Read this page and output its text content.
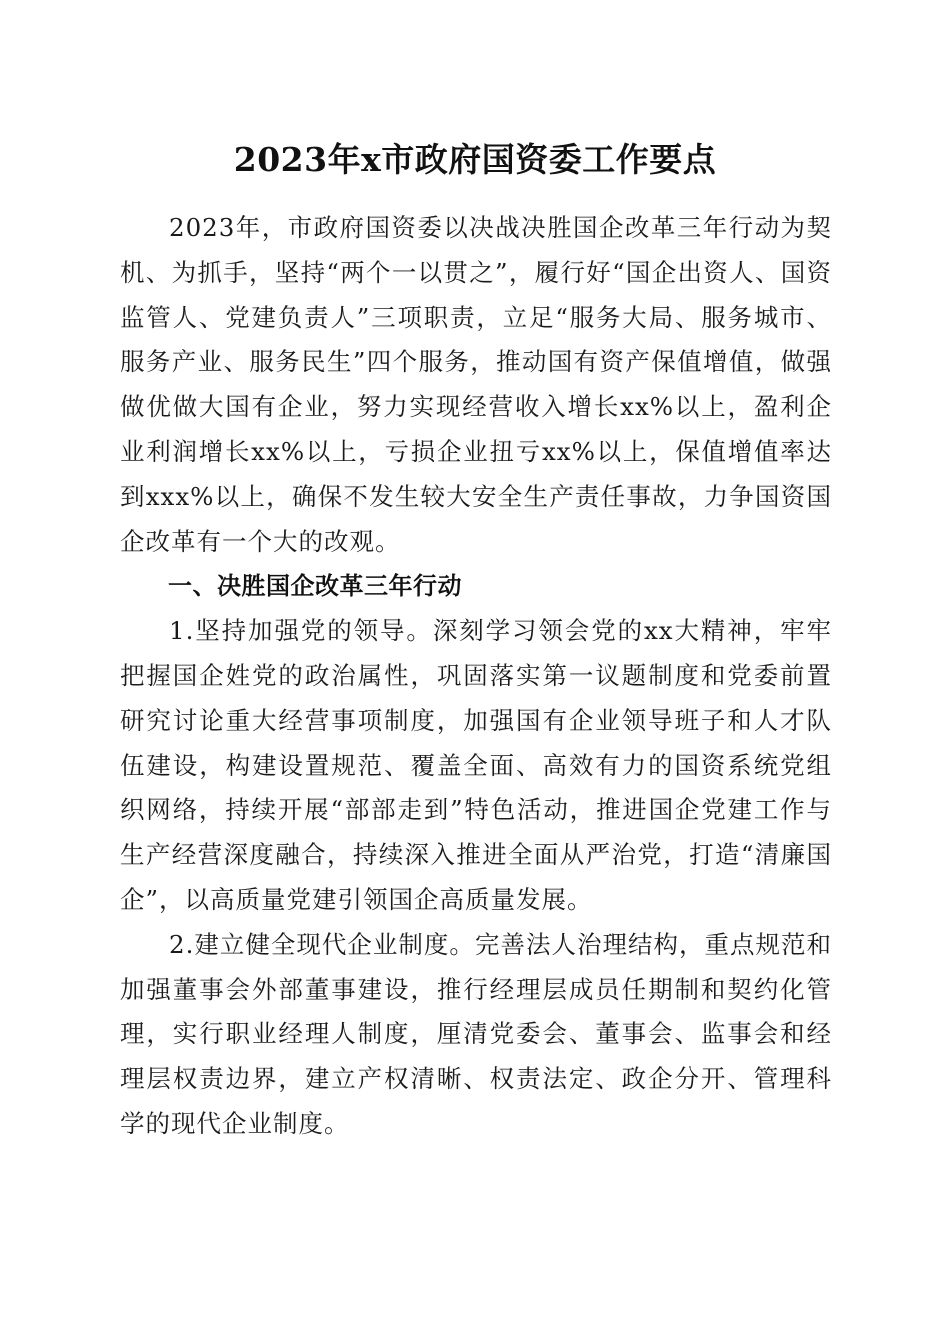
2023年x市政府国资委工作要点

2023年，市政府国资委以决战决胜国企改革三年行动为契机、为抓手，坚持“两个一以贯之”，履行好“国企出资人、国资监管人、党建负责人”三项职责，立足“服务大局、服务城市、服务产业、服务民生”四个服务，推动国有资产保值增值，做强做优做大国有企业，努力实现经营收入增长xx%以上，盈利企业利润增长xx%以上，亏损企业扭亏xx%以上，保值增值率达到xxx%以上，确保不发生较大安全生产责任事故，力争国资国企改革有一个大的改观。

一、决胜国企改革三年行动

1.坚持加强党的领导。深刻学习领会党的xx大精神，牢牢把握国企姓党的政治属性，巩固落实第一议题制度和党委前置研究讨论重大经营事项制度，加强国有企业领导班子和人才队伍建设，构建设置规范、覆盖全面、高效有力的国资系统党组织网络，持续开展“部部走到”特色活动，推进国企党建工作与生产经营深度融合，持续深入推进全面从严治党，打造“清廉国企”，以高质量党建引领国企高质量发展。

2.建立健全现代企业制度。完善法人治理结构，重点规范和加强董事会外部董事建设，推行经理层成员任期制和契约化管理，实行职业经理人制度，厘清党委会、董事会、监事会和经理层权责边界，建立产权清晰、权责法定、政企分开、管理科学的现代企业制度。
